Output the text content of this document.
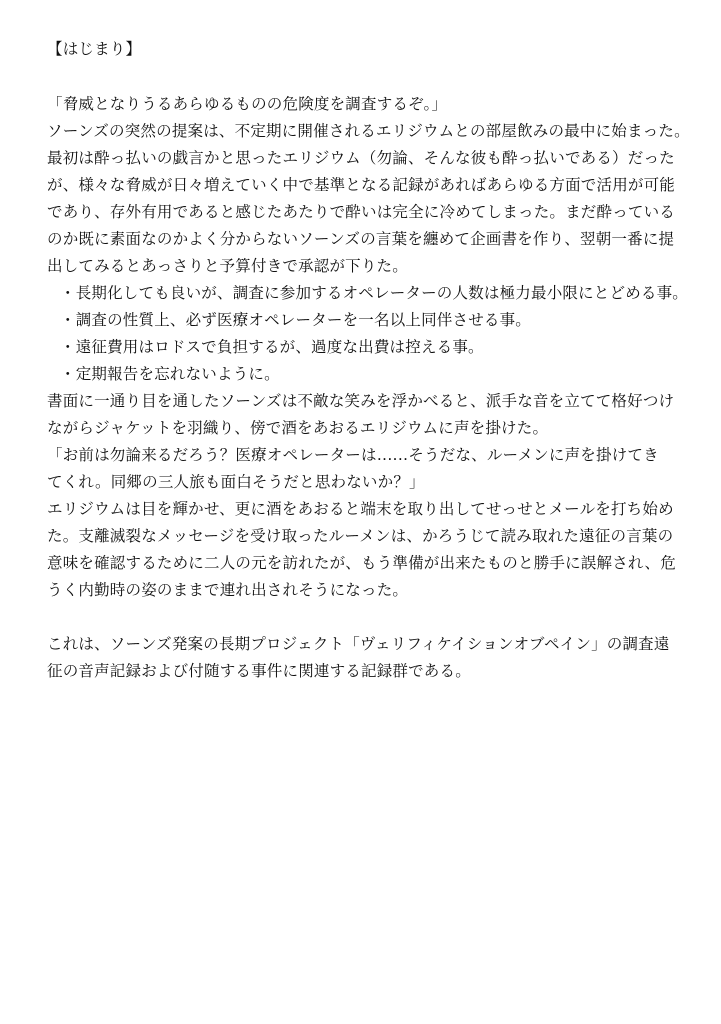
【はじまり】
「脅威となりうるあらゆるものの危険度を調査するぞ。」
ソーンズの突然の提案は、不定期に開催されるエリジウムとの部屋飲みの最中に始まった。
最初は酔っ払いの戯言かと思ったエリジウム（勿論、そんな彼も酔っ払いである）だった
が、様々な脅威が日々増えていく中で基準となる記録があればあらゆる方面で活用が可能
であり、存外有用であると感じたあたりで酔いは完全に冷めてしまった。まだ酔っている
のか既に素面なのかよく分からないソーンズの言葉を纏めて企画書を作り、翌朝一番に提
出してみるとあっさりと予算付きで承認が下りた。
・長期化しても良いが、調査に参加するオペレーターの人数は極力最小限にとどめる事。
・調査の性質上、必ず医療オペレーターを一名以上同伴させる事。
・遠征費用はロドスで負担するが、過度な出費は控える事。
・定期報告を忘れないように。
書面に一通り目を通したソーンズは不敵な笑みを浮かべると、派手な音を立てて格好つけ
ながらジャケットを羽織り、傍で酒をあおるエリジウムに声を掛けた。
「お前は勿論来るだろう？医療オペレーターは‥‥‥そうだな、ルーメンに声を掛けてき
てくれ。同郷の三人旅も面白そうだと思わないか？」
エリジウムは目を輝かせ、更に酒をあおると端末を取り出してせっせとメールを打ち始め
た。支離滅裂なメッセージを受け取ったルーメンは、かろうじて読み取れた遠征の言葉の
意味を確認するために二人の元を訪れたが、もう準備が出来たものと勝手に誤解され、危
うく内勤時の姿のままで連れ出されそうになった。
これは、ソーンズ発案の長期プロジェクト「ヴェリフィケイションオブペイン」の調査遠
征の音声記録および付随する事件に関連する記録群である。
